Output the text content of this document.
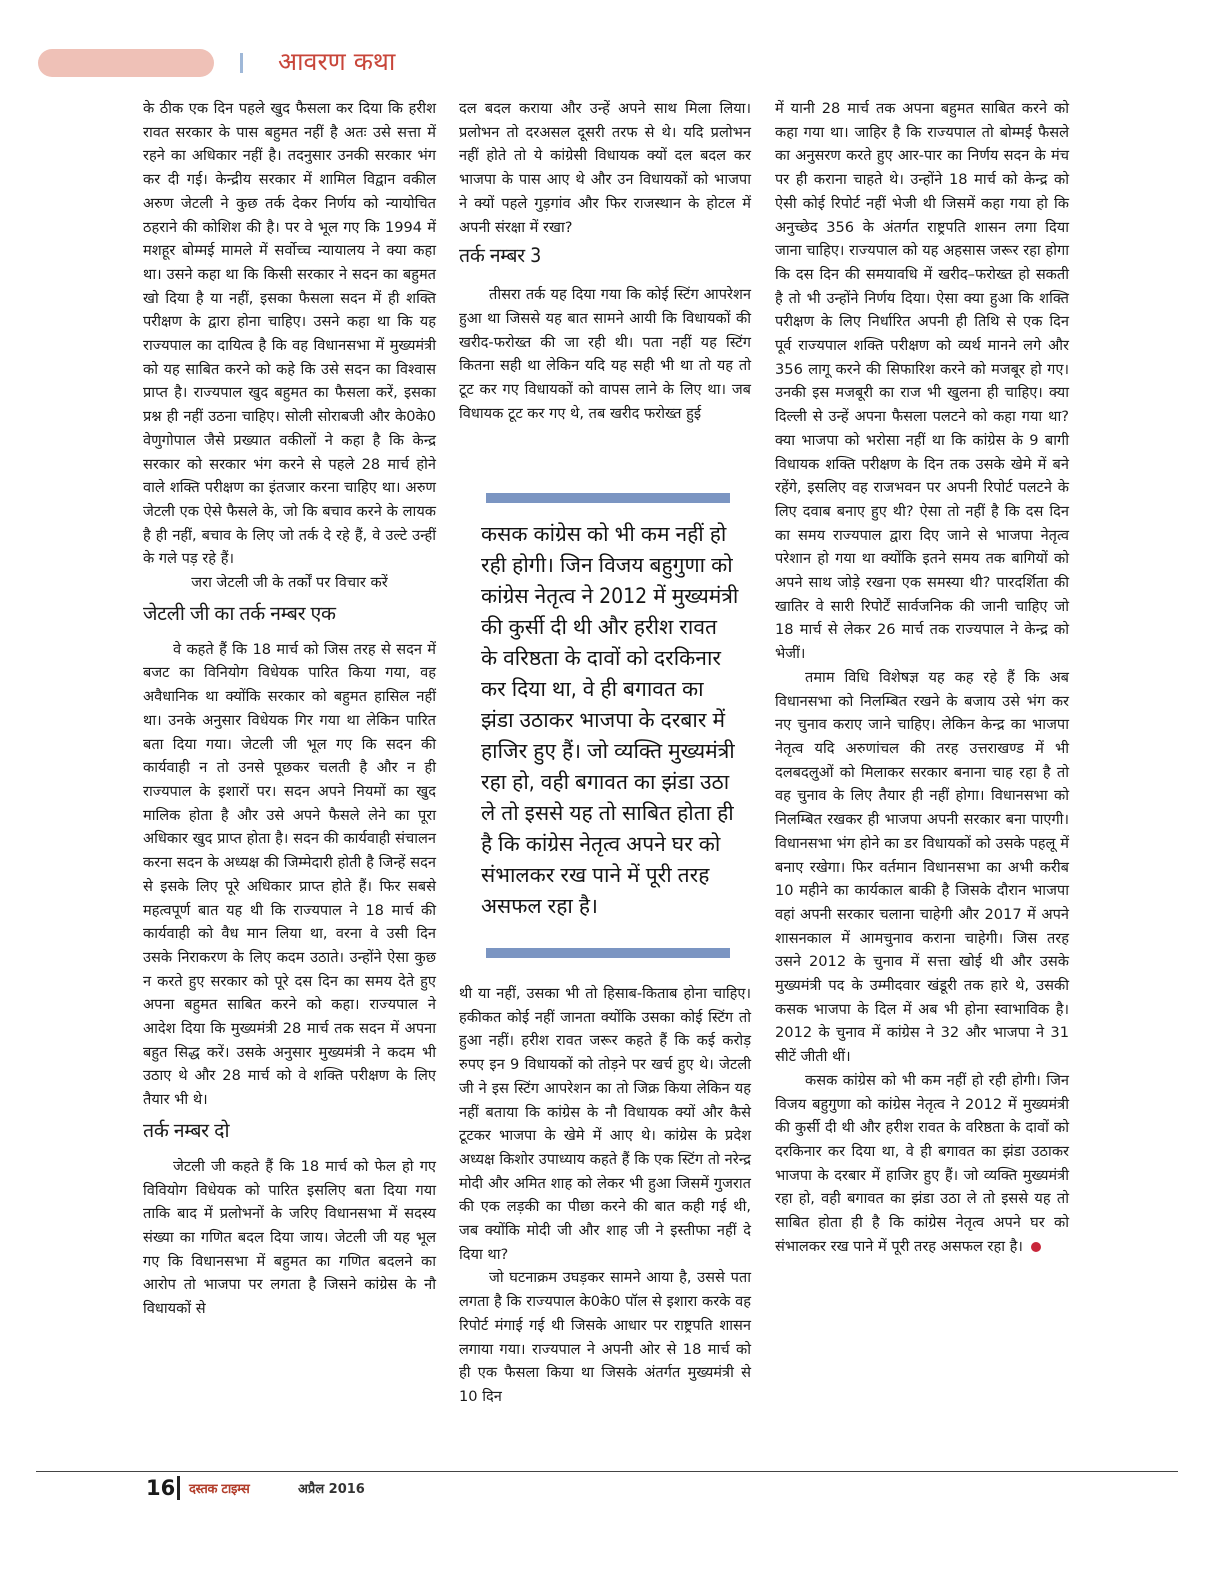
आवरण कथा

के ठीक एक दिन पहले खुद फैसला कर दिया कि हरीश रावत सरकार के पास बहुमत नहीं है अतः उसे सत्ता में रहने का अधिकार नहीं है। तदनुसार उनकी सरकार भंग कर दी गई। केन्द्रीय सरकार में शामिल विद्वान वकील अरुण जेटली ने कुछ तर्क देकर निर्णय को न्यायोचित ठहराने की कोशिश की है। पर वे भूल गए कि 1994 में मशहूर बोम्मई मामले में सर्वोच्च न्यायालय ने क्या कहा था। उसने कहा था कि किसी सरकार ने सदन का बहुमत खो दिया है या नहीं, इसका फैसला सदन में ही शक्ति परीक्षण के द्वारा होना चाहिए। उसने कहा था कि यह राज्यपाल का दायित्व है कि वह विधानसभा में मुख्यमंत्री को यह साबित करने को कहे कि उसे सदन का विश्वास प्राप्त है। राज्यपाल खुद बहुमत का फैसला करें, इसका प्रश्न ही नहीं उठना चाहिए। सोली सोराबजी और के0के0 वेणुगोपाल जैसे प्रख्यात वकीलों ने कहा है कि केन्द्र सरकार को सरकार भंग करने से पहले 28 मार्च होने वाले शक्ति परीक्षण का इंतजार करना चाहिए था। अरुण जेटली एक ऐसे फैसले के, जो कि बचाव करने के लायक है ही नहीं, बचाव के लिए जो तर्क दे रहे हैं, वे उल्टे उन्हीं के गले पड़ रहे हैं।

जरा जेटली जी के तर्कों पर विचार करें

जेटली जी का तर्क नम्बर एक

वे कहते हैं कि 18 मार्च को जिस तरह से सदन में बजट का विनियोग विधेयक पारित किया गया, वह अवैधानिक था क्योंकि सरकार को बहुमत हासिल नहीं था। उनके अनुसार विधेयक गिर गया था लेकिन पारित बता दिया गया। जेटली जी भूल गए कि सदन की कार्यवाही न तो उनसे पूछकर चलती है और न ही राज्यपाल के इशारों पर। सदन अपने नियमों का खुद मालिक होता है और उसे अपने फैसले लेने का पूरा अधिकार खुद प्राप्त होता है। सदन की कार्यवाही संचालन करना सदन के अध्यक्ष की जिम्मेदारी होती है जिन्हें सदन से इसके लिए पूरे अधिकार प्राप्त होते हैं। फिर सबसे महत्वपूर्ण बात यह थी कि राज्यपाल ने 18 मार्च की कार्यवाही को वैध मान लिया था, वरना वे उसी दिन उसके निराकरण के लिए कदम उठाते। उन्होंने ऐसा कुछ न करते हुए सरकार को पूरे दस दिन का समय देते हुए अपना बहुमत साबित करने को कहा। राज्यपाल ने आदेश दिया कि मुख्यमंत्री 28 मार्च तक सदन में अपना बहुत सिद्ध करें। उसके अनुसार मुख्यमंत्री ने कदम भी उठाए थे और 28 मार्च को वे शक्ति परीक्षण के लिए तैयार भी थे।

तर्क नम्बर दो

जेटली जी कहते हैं कि 18 मार्च को फेल हो गए विवियोग विधेयक को पारित इसलिए बता दिया गया ताकि बाद में प्रलोभनों के जरिए विधानसभा में सदस्य संख्या का गणित बदल दिया जाय। जेटली जी यह भूल गए कि विधानसभा में बहुमत का गणित बदलने का आरोप तो भाजपा पर लगता है जिसने कांग्रेस के नौ विधायकों से

दल बदल कराया और उन्हें अपने साथ मिला लिया। प्रलोभन तो दरअसल दूसरी तरफ से थे। यदि प्रलोभन नहीं होते तो ये कांग्रेसी विधायक क्यों दल बदल कर भाजपा के पास आए थे और उन विधायकों को भाजपा ने क्यों पहले गुड़गांव और फिर राजस्थान के होटल में अपनी संरक्षा में रखा?

तर्क नम्बर 3

तीसरा तर्क यह दिया गया कि कोई स्टिंग आपरेशन हुआ था जिससे यह बात सामने आयी कि विधायकों की खरीद-फरोख्त की जा रही थी। पता नहीं यह स्टिंग कितना सही था लेकिन यदि यह सही भी था तो यह तो टूट कर गए विधायकों को वापस लाने के लिए था। जब विधायक टूट कर गए थे, तब खरीद फरोख्त हुई

कसक कांग्रेस को भी कम नहीं हो रही होगी। जिन विजय बहुगुणा को कांग्रेस नेतृत्व ने 2012 में मुख्यमंत्री की कुर्सी दी थी और हरीश रावत के वरिष्ठता के दावों को दरकिनार कर दिया था, वे ही बगावत का झंडा उठाकर भाजपा के दरबार में हाजिर हुए हैं। जो व्यक्ति मुख्यमंत्री रहा हो, वही बगावत का झंडा उठा ले तो इससे यह तो साबित होता ही है कि कांग्रेस नेतृत्व अपने घर को संभालकर रख पाने में पूरी तरह असफल रहा है।

थी या नहीं, उसका भी तो हिसाब-किताब होना चाहिए। हकीकत कोई नहीं जानता क्योंकि उसका कोई स्टिंग तो हुआ नहीं। हरीश रावत जरूर कहते हैं कि कई करोड़ रुपए इन 9 विधायकों को तोड़ने पर खर्च हुए थे। जेटली जी ने इस स्टिंग आपरेशन का तो जिक्र किया लेकिन यह नहीं बताया कि कांग्रेस के नौ विधायक क्यों और कैसे टूटकर भाजपा के खेमे में आए थे। कांग्रेस के प्रदेश अध्यक्ष किशोर उपाध्याय कहते हैं कि एक स्टिंग तो नरेन्द्र मोदी और अमित शाह को लेकर भी हुआ जिसमें गुजरात की एक लड़की का पीछा करने की बात कही गई थी, जब क्योंकि मोदी जी और शाह जी ने इस्तीफा नहीं दे दिया था?

जो घटनाक्रम उघड़कर सामने आया है, उससे पता लगता है कि राज्यपाल के0के0 पॉल से इशारा करके वह रिपोर्ट मंगाई गई थी जिसके आधार पर राष्ट्रपति शासन लगाया गया। राज्यपाल ने अपनी ओर से 18 मार्च को ही एक फैसला किया था जिसके अंतर्गत मुख्यमंत्री से 10 दिन

में यानी 28 मार्च तक अपना बहुमत साबित करने को कहा गया था। जाहिर है कि राज्यपाल तो बोम्मई फैसले का अनुसरण करते हुए आर-पार का निर्णय सदन के मंच पर ही कराना चाहते थे। उन्होंने 18 मार्च को केन्द्र को ऐसी कोई रिपोर्ट नहीं भेजी थी जिसमें कहा गया हो कि अनुच्छेद 356 के अंतर्गत राष्ट्रपति शासन लगा दिया जाना चाहिए। राज्यपाल को यह अहसास जरूर रहा होगा कि दस दिन की समयावधि में खरीद–फरोख्त हो सकती है तो भी उन्होंने निर्णय दिया। ऐसा क्या हुआ कि शक्ति परीक्षण के लिए निर्धारित अपनी ही तिथि से एक दिन पूर्व राज्यपाल शक्ति परीक्षण को व्यर्थ मानने लगे और 356 लागू करने की सिफारिश करने को मजबूर हो गए। उनकी इस मजबूरी का राज भी खुलना ही चाहिए। क्या दिल्ली से उन्हें अपना फैसला पलटने को कहा गया था? क्या भाजपा को भरोसा नहीं था कि कांग्रेस के 9 बागी विधायक शक्ति परीक्षण के दिन तक उसके खेमे में बने रहेंगे, इसलिए वह राजभवन पर अपनी रिपोर्ट पलटने के लिए दवाब बनाए हुए थी? ऐसा तो नहीं है कि दस दिन का समय राज्यपाल द्वारा दिए जाने से भाजपा नेतृत्व परेशान हो गया था क्योंकि इतने समय तक बागियों को अपने साथ जोड़े रखना एक समस्या थी? पारदर्शिता की खातिर वे सारी रिपोर्टें सार्वजनिक की जानी चाहिए जो 18 मार्च से लेकर 26 मार्च तक राज्यपाल ने केन्द्र को भेजीं।

तमाम विधि विशेषज्ञ यह कह रहे हैं कि अब विधानसभा को निलम्बित रखने के बजाय उसे भंग कर नए चुनाव कराए जाने चाहिए। लेकिन केन्द्र का भाजपा नेतृत्व यदि अरुणांचल की तरह उत्तराखण्ड में भी दलबदलुओं को मिलाकर सरकार बनाना चाह रहा है तो वह चुनाव के लिए तैयार ही नहीं होगा। विधानसभा को निलम्बित रखकर ही भाजपा अपनी सरकार बना पाएगी। विधानसभा भंग होने का डर विधायकों को उसके पहलू में बनाए रखेगा। फिर वर्तमान विधानसभा का अभी करीब 10 महीने का कार्यकाल बाकी है जिसके दौरान भाजपा वहां अपनी सरकार चलाना चाहेगी और 2017 में अपने शासनकाल में आमचुनाव कराना चाहेगी। जिस तरह उसने 2012 के चुनाव में सत्ता खोई थी और उसके मुख्यमंत्री पद के उम्मीदवार खंडूरी तक हारे थे, उसकी कसक भाजपा के दिल में अब भी होना स्वाभाविक है। 2012 के चुनाव में कांग्रेस ने 32 और भाजपा ने 31 सीटें जीती थीं।

कसक कांग्रेस को भी कम नहीं हो रही होगी। जिन विजय बहुगुणा को कांग्रेस नेतृत्व ने 2012 में मुख्यमंत्री की कुर्सी दी थी और हरीश रावत के वरिष्ठता के दावों को दरकिनार कर दिया था, वे ही बगावत का झंडा उठाकर भाजपा के दरबार में हाजिर हुए हैं। जो व्यक्ति मुख्यमंत्री रहा हो, वही बगावत का झंडा उठा ले तो इससे यह तो साबित होता ही है कि कांग्रेस नेतृत्व अपने घर को संभालकर रख पाने में पूरी तरह असफल रहा है।

16 दस्तक टाइम्स	अप्रैल 2016
